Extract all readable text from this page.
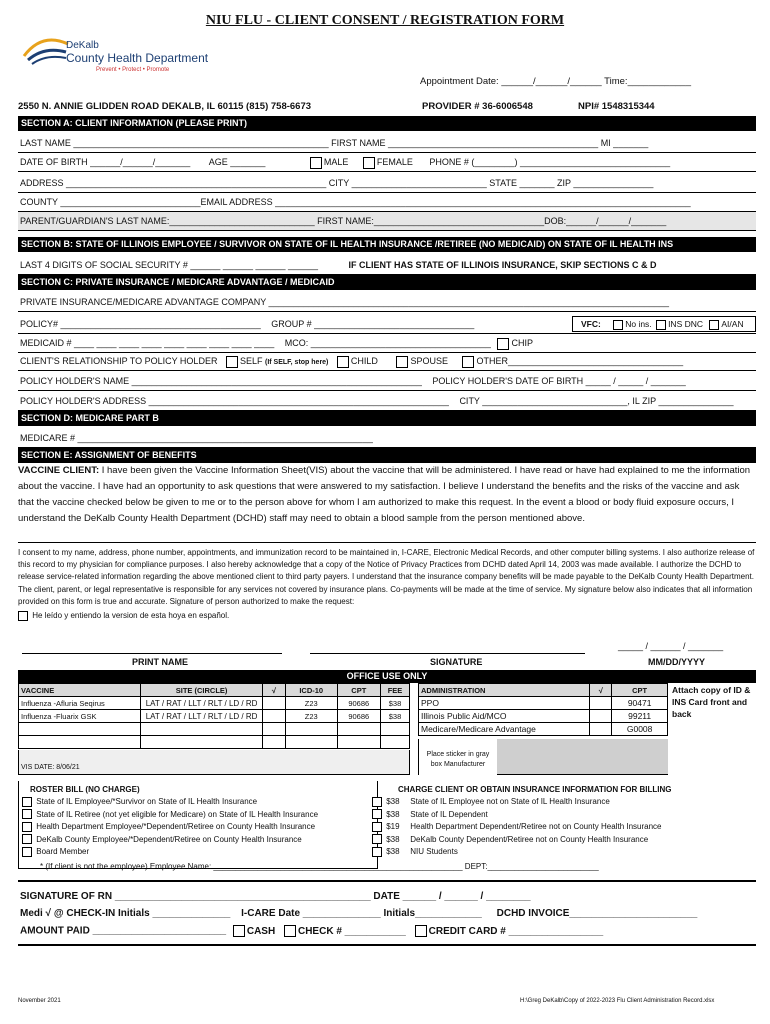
NIU FLU - CLIENT CONSENT / REGISTRATION FORM
DeKalb
County Health Department
Prevent • Protect • Promote
Appointment Date: ______/______/______ Time:____________
2550 N. ANNIE GLIDDEN ROAD DEKALB, IL 60115 (815) 758-6673	PROVIDER # 36-6006548	NPI# 1548315344
SECTION A: CLIENT INFORMATION (PLEASE PRINT)
LAST NAME ___________________________________________________ FIRST NAME __________________________________________ MI _______
DATE OF BIRTH ______/______/_______ AGE _______	MALE	FEMALE PHONE # (________) ______________________________
ADDRESS ____________________________________________________ CITY ___________________________ STATE _______ ZIP ________________
COUNTY ____________________________EMAIL ADDRESS ___________________________________________________________________________________
PARENT/GUARDIAN'S LAST NAME:_____________________________ FIRST NAME:__________________________________DOB:______/______/_______
SECTION B: STATE OF ILLINOIS EMPLOYEE / SURVIVOR ON STATE OF IL HEALTH INSURANCE /RETIREE (NO MEDICAID) ON STATE OF IL HEALTH INS
LAST 4 DIGITS OF SOCIAL SECURITY # ______ ______ ______ ______	IF CLIENT HAS STATE OF ILLINOIS INSURANCE, SKIP SECTIONS C & D
SECTION C: PRIVATE INSURANCE / MEDICARE ADVANTAGE / MEDICAID
PRIVATE INSURANCE/MEDICARE ADVANTAGE COMPANY ________________________________________________________________________________
POLICY# ________________________________________ GROUP # ________________________________	VFC:	No ins. INS DNC AI/AN
MEDICAID # ____ ____ ____ ____ ____ ____ ____ ____ ____ MCO: ____________________________________ CHIP
CLIENT'S RELATIONSHIP TO POLICY HOLDER	SELF (If SELF, stop here)	CHILD	SPOUSE	OTHER___________________________________
POLICY HOLDER'S NAME __________________________________________________________ POLICY HOLDER'S DATE OF BIRTH _____ / _____ / _______
POLICY HOLDER'S ADDRESS ____________________________________________________________ CITY _____________________________, IL ZIP _______________
SECTION D: MEDICARE PART B
MEDICARE # ___________________________________________________________
SECTION E: ASSIGNMENT OF BENEFITS
VACCINE CLIENT: I have been given the Vaccine Information Sheet(VIS) about the vaccine that will be administered. I have read or have had explained to me the information about the vaccine. I have had an opportunity to ask questions that were answered to my satisfaction. I believe I understand the benefits and the risks of the vaccine and ask that the vaccine checked below be given to me or to the person above for whom I am authorized to make this request. In the event a blood or body fluid exposure occurs, I understand the DeKalb County Health Department (DCHD) staff may need to obtain a blood sample from the person mentioned above.
I consent to my name, address, phone number, appointments, and immunization record to be maintained in, I-CARE, Electronic Medical Records, and other computer billing systems. I also authorize release of this record to my physician for compliance purposes. I also hereby acknowledge that a copy of the Notice of Privacy Practices from DCHD dated April 14, 2003 was made available. I authorize the DCHD to release service-related information regarding the above mentioned client to third party payers. I understand that the insurance company benefits will be made payable to the DeKalb County Health Department. The client, parent, or legal representative is responsible for any services not covered by insurance plans. Co-payments will be made at the time of service. My signature below also indicates that all information provided on this form is true and accurate. Signature of person authorized to make the request:
He leído y entiendo la version de esta hoya en español.
_____ / ______ / _______
PRINT NAME	SIGNATURE	MM/DD/YYYY
OFFICE USE ONLY
VACCINE	SITE (CIRCLE)	√	ICD-10	CPT	FEE
Influenza -Afluria Seqirus	LAT / RAT / LLT / RLT / LD / RD		Z23	90686	$38
Influenza -Fluarix GSK	LAT / RAT / LLT / RLT / LD / RD		Z23	90686	$38

VIS DATE: 8/06/21
ADMINISTRATION	√	CPT
PPO		90471
Illinois Public Aid/MCO		99211
Medicare/Medicare Advantage		G0008
Place sticker in gray box Manufacturer
Attach copy of ID & INS Card front and back
ROSTER BILL (NO CHARGE)
State of IL Employee/*Survivor on State of IL Health Insurance
State of IL Retiree (not yet eligible for Medicare) on State of IL Health Insurance
Health Department Employee/*Dependent/Retiree on County Health Insurance
DeKalb County Employee/*Dependent/Retiree on County Health Insurance
Board Member
CHARGE CLIENT OR OBTAIN INSURANCE INFORMATION FOR BILLING
$38 State of IL Employee not on State of IL Health Insurance
$38 State of IL Dependent
$19 Health Department Dependent/Retiree not on County Health Insurance
$38 DeKalb County Dependent/Retiree not on County Health Insurance
$38 NIU Students
* (If client is not the employee) Employee Name: ________________________________________________________ DEPT:_________________________
SIGNATURE OF RN ______________________________________________ DATE ______ / ______ / ________
Medi √ @ CHECK-IN Initials ______________ I-CARE Date ______________ Initials____________ DCHD INVOICE_______________________
AMOUNT PAID ________________________ CASH CHECK # ___________ CREDIT CARD # _________________
November 2021	H:\Greg DeKalb\Copy of 2022-2023 Flu Client Administration Record.xlsx
